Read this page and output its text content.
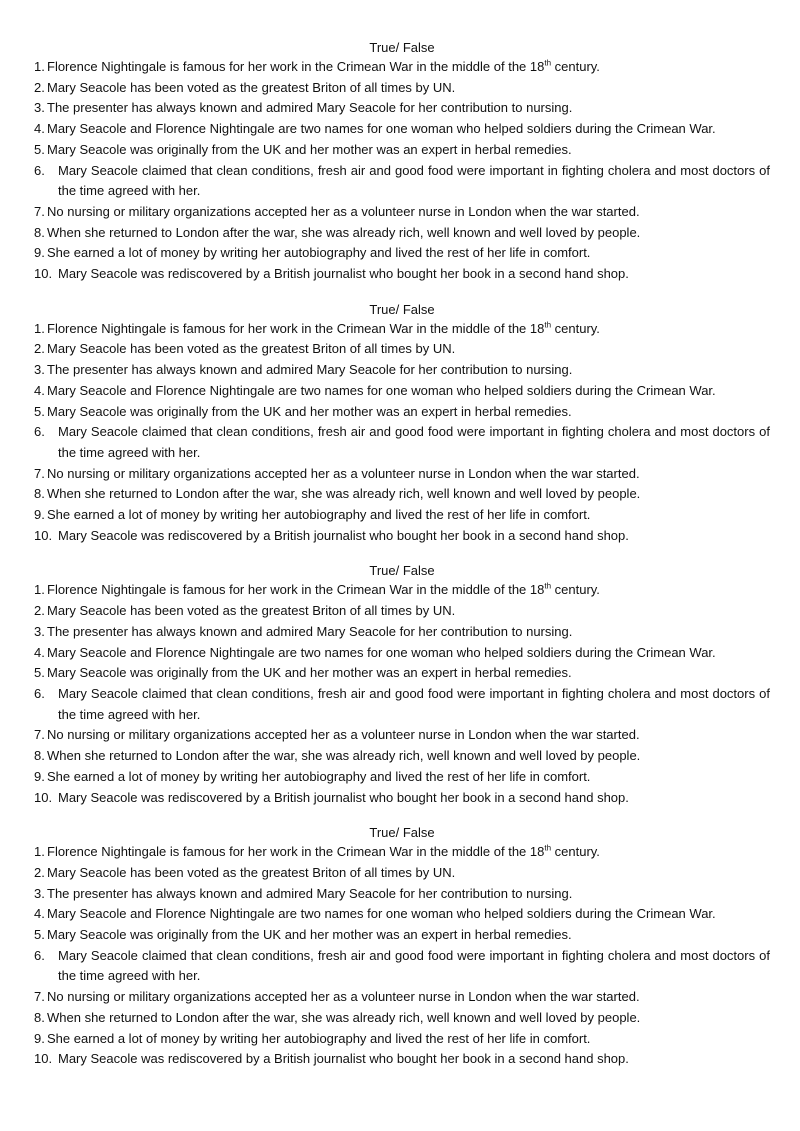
True/ False
1. Florence Nightingale is famous for her work in the Crimean War in the middle of the 18th century.
2. Mary Seacole has been voted as the greatest Briton of all times by UN.
3. The presenter has always known and admired Mary Seacole for her contribution to nursing.
4. Mary Seacole and Florence Nightingale are two names for one woman who helped soldiers during the Crimean War.
5. Mary Seacole was originally from the UK and her mother was an expert in herbal remedies.
6. Mary Seacole claimed that clean conditions, fresh air and good food were important in fighting cholera and most doctors of the time agreed with her.
7. No nursing or military organizations accepted her as a volunteer nurse in London when the war started.
8. When she returned to London after the war, she was already rich, well known and well loved by people.
9. She earned a lot of money by writing her autobiography and lived the rest of her life in comfort.
10. Mary Seacole was rediscovered by a British journalist who bought her book in a second hand shop.
True/ False
1. Florence Nightingale is famous for her work in the Crimean War in the middle of the 18th century.
2. Mary Seacole has been voted as the greatest Briton of all times by UN.
3. The presenter has always known and admired Mary Seacole for her contribution to nursing.
4. Mary Seacole and Florence Nightingale are two names for one woman who helped soldiers during the Crimean War.
5. Mary Seacole was originally from the UK and her mother was an expert in herbal remedies.
6. Mary Seacole claimed that clean conditions, fresh air and good food were important in fighting cholera and most doctors of the time agreed with her.
7. No nursing or military organizations accepted her as a volunteer nurse in London when the war started.
8. When she returned to London after the war, she was already rich, well known and well loved by people.
9. She earned a lot of money by writing her autobiography and lived the rest of her life in comfort.
10. Mary Seacole was rediscovered by a British journalist who bought her book in a second hand shop.
True/ False
1. Florence Nightingale is famous for her work in the Crimean War in the middle of the 18th century.
2. Mary Seacole has been voted as the greatest Briton of all times by UN.
3. The presenter has always known and admired Mary Seacole for her contribution to nursing.
4. Mary Seacole and Florence Nightingale are two names for one woman who helped soldiers during the Crimean War.
5. Mary Seacole was originally from the UK and her mother was an expert in herbal remedies.
6. Mary Seacole claimed that clean conditions, fresh air and good food were important in fighting cholera and most doctors of the time agreed with her.
7. No nursing or military organizations accepted her as a volunteer nurse in London when the war started.
8. When she returned to London after the war, she was already rich, well known and well loved by people.
9. She earned a lot of money by writing her autobiography and lived the rest of her life in comfort.
10. Mary Seacole was rediscovered by a British journalist who bought her book in a second hand shop.
True/ False
1. Florence Nightingale is famous for her work in the Crimean War in the middle of the 18th century.
2. Mary Seacole has been voted as the greatest Briton of all times by UN.
3. The presenter has always known and admired Mary Seacole for her contribution to nursing.
4. Mary Seacole and Florence Nightingale are two names for one woman who helped soldiers during the Crimean War.
5. Mary Seacole was originally from the UK and her mother was an expert in herbal remedies.
6. Mary Seacole claimed that clean conditions, fresh air and good food were important in fighting cholera and most doctors of the time agreed with her.
7. No nursing or military organizations accepted her as a volunteer nurse in London when the war started.
8. When she returned to London after the war, she was already rich, well known and well loved by people.
9. She earned a lot of money by writing her autobiography and lived the rest of her life in comfort.
10. Mary Seacole was rediscovered by a British journalist who bought her book in a second hand shop.
